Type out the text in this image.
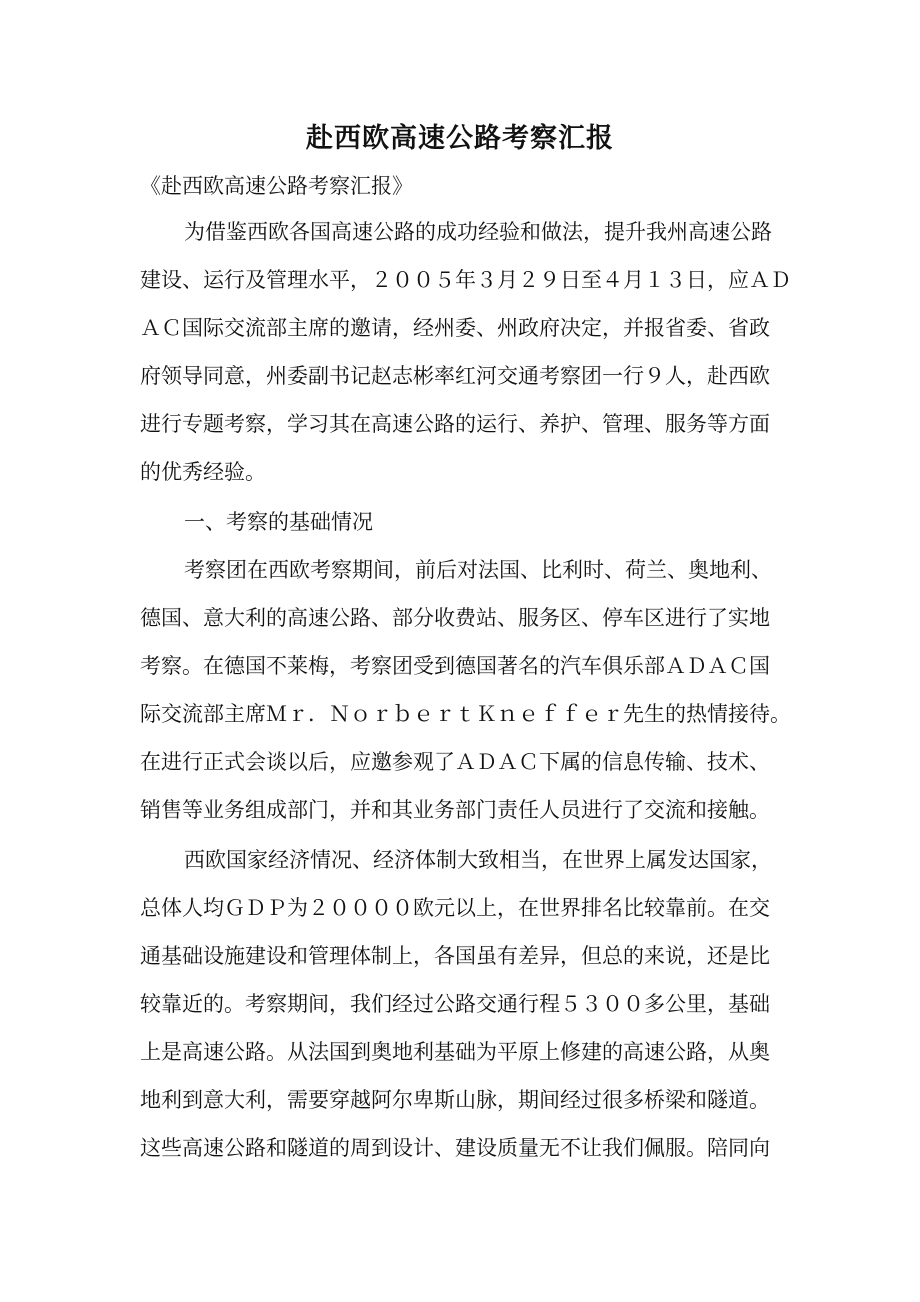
赴西欧高速公路考察汇报

《赴西欧高速公路考察汇报》

为借鉴西欧各国高速公路的成功经验和做法，提升我州高速公路

建设、运行及管理水平，２００５年３月２９日至４月１３日，应ＡＤ

ＡＣ国际交流部主席的邀请，经州委、州政府决定，并报省委、省政

府领导同意，州委副书记赵志彬率红河交通考察团一行９人，赴西欧

进行专题考察，学习其在高速公路的运行、养护、管理、服务等方面

的优秀经验。

一、考察的基础情况

考察团在西欧考察期间，前后对法国、比利时、荷兰、奥地利、

德国、意大利的高速公路、部分收费站、服务区、停车区进行了实地

考察。在德国不莱梅，考察团受到德国著名的汽车俱乐部ＡＤＡＣ国

际交流部主席Ｍｒ．ＮｏｒｂｅｒｔＫｎｅｆｆｅｒ先生的热情接待。

在进行正式会谈以后，应邀参观了ＡＤＡＣ下属的信息传输、技术、

销售等业务组成部门，并和其业务部门责任人员进行了交流和接触。

西欧国家经济情况、经济体制大致相当，在世界上属发达国家，

总体人均ＧＤＰ为２００００欧元以上，在世界排名比较靠前。在交

通基础设施建设和管理体制上，各国虽有差异，但总的来说，还是比

较靠近的。考察期间，我们经过公路交通行程５３００多公里，基础

上是高速公路。从法国到奥地利基础为平原上修建的高速公路，从奥

地利到意大利，需要穿越阿尔卑斯山脉，期间经过很多桥梁和隧道。

这些高速公路和隧道的周到设计、建设质量无不让我们佩服。陪同向
